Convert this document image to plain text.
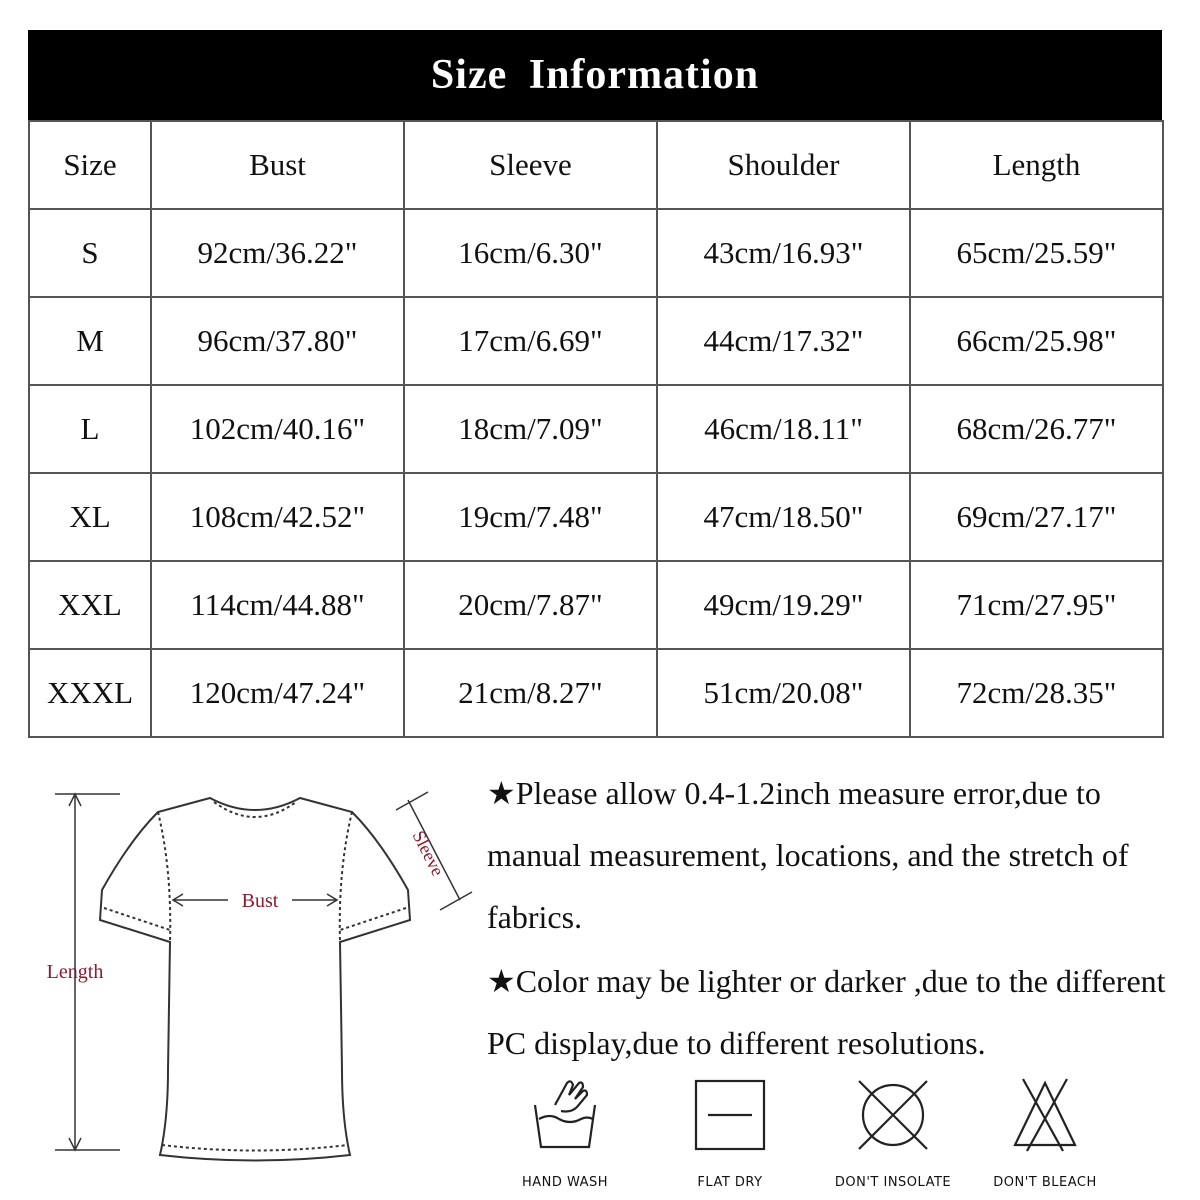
Size Information
Size	Bust	Sleeve	Shoulder	Length
S	92cm/36.22"	16cm/6.30"	43cm/16.93"	65cm/25.59"
M	96cm/37.80"	17cm/6.69"	44cm/17.32"	66cm/25.98"
L	102cm/40.16"	18cm/7.09"	46cm/18.11"	68cm/26.77"
XL	108cm/42.52"	19cm/7.48"	47cm/18.50"	69cm/27.17"
XXL	114cm/44.88"	20cm/7.87"	49cm/19.29"	71cm/27.95"
XXXL	120cm/47.24"	21cm/8.27"	51cm/20.08"	72cm/28.35"
Bust
Length
Sleeve
★Please allow 0.4-1.2inch measure error,due to manual measurement, locations, and the stretch of fabrics.
★Color may be lighter or darker ,due to the different PC display,due to different resolutions.
HAND WASH	FLAT DRY	DON'T INSOLATE	DON'T BLEACH
